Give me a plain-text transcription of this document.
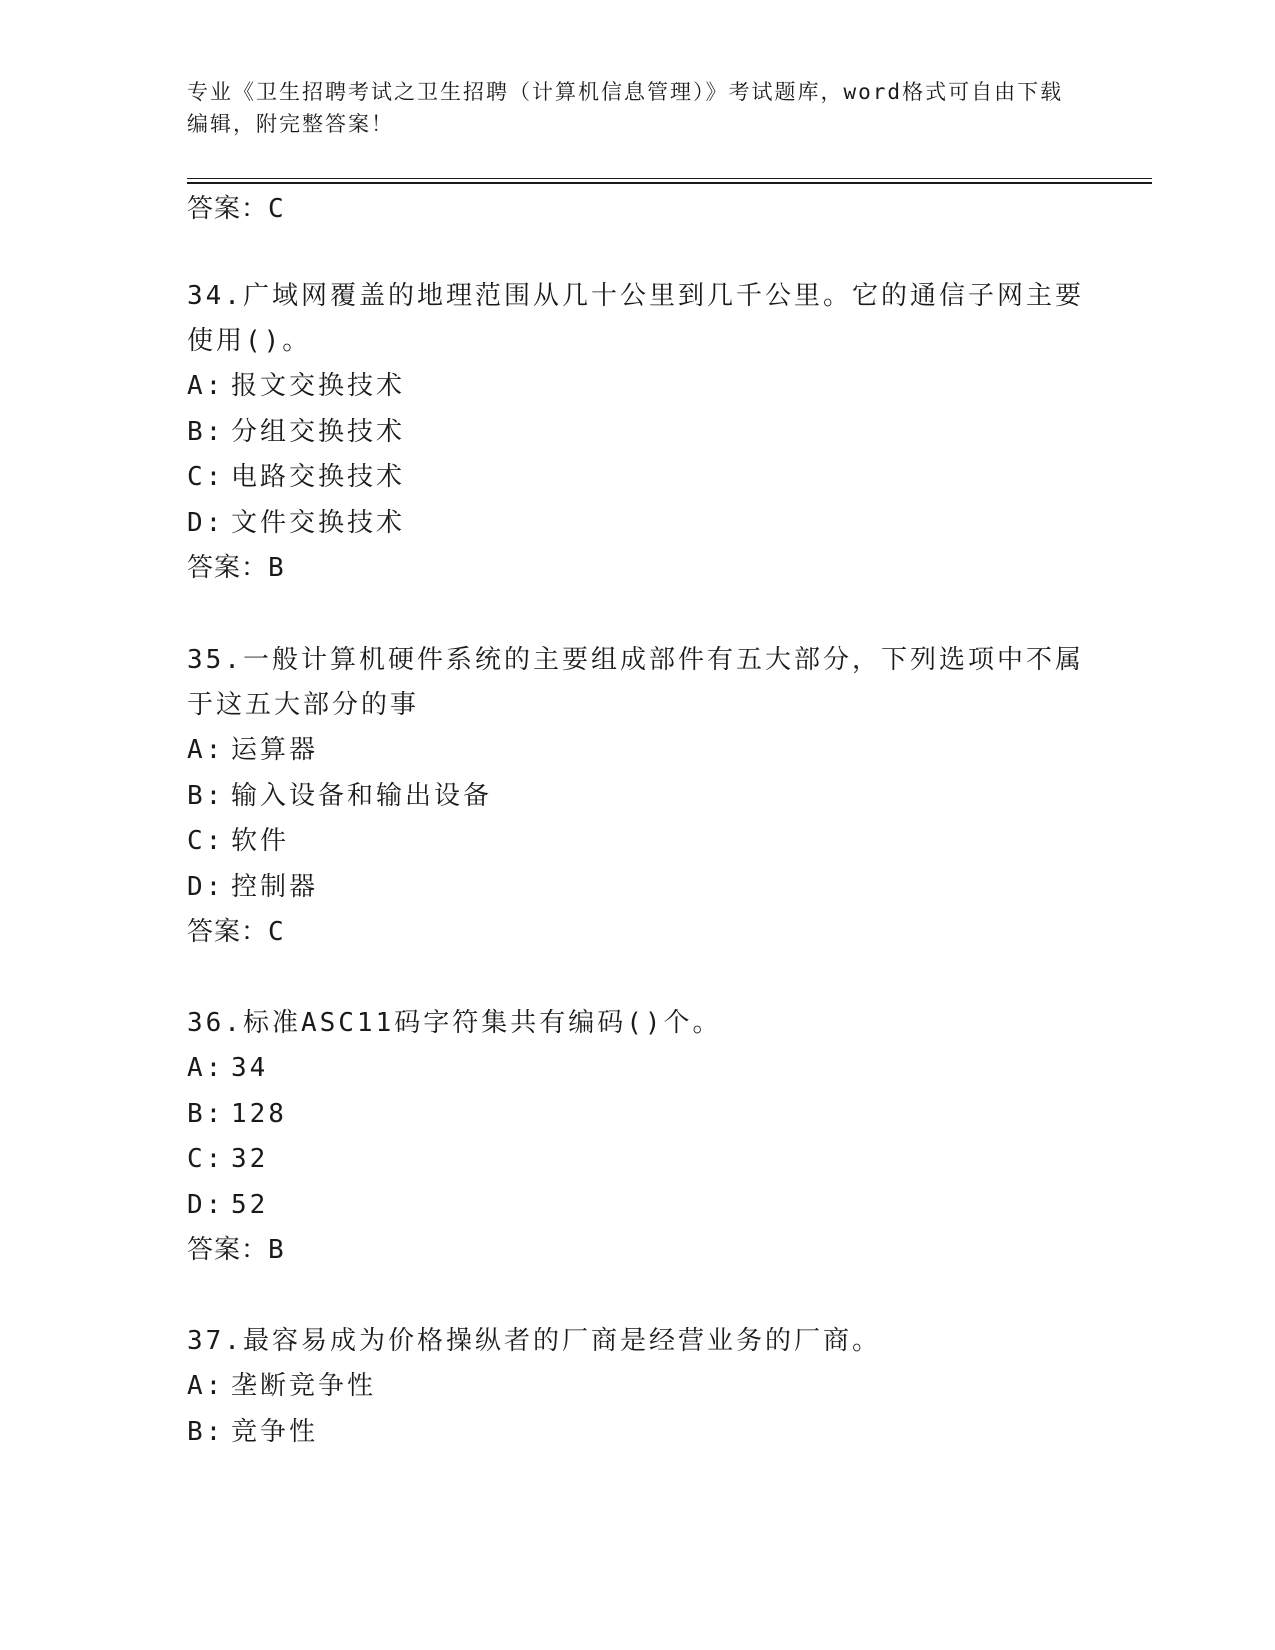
专业《卫生招聘考试之卫生招聘（计算机信息管理）》考试题库，word格式可自由下载编辑，附完整答案！
答案：C

34.广域网覆盖的地理范围从几十公里到几千公里。它的通信子网主要使用()。

A: 报文交换技术
B: 分组交换技术
C: 电路交换技术
D: 文件交换技术
答案：B

35.一般计算机硬件系统的主要组成部件有五大部分，下列选项中不属于这五大部分的事

A: 运算器
B: 输入设备和输出设备
C: 软件
D: 控制器
答案：C

36.标准ASC11码字符集共有编码()个。

A: 34
B: 128
C: 32
D: 52
答案：B

37.最容易成为价格操纵者的厂商是经营业务的厂商。

A: 垄断竞争性
B: 竞争性
